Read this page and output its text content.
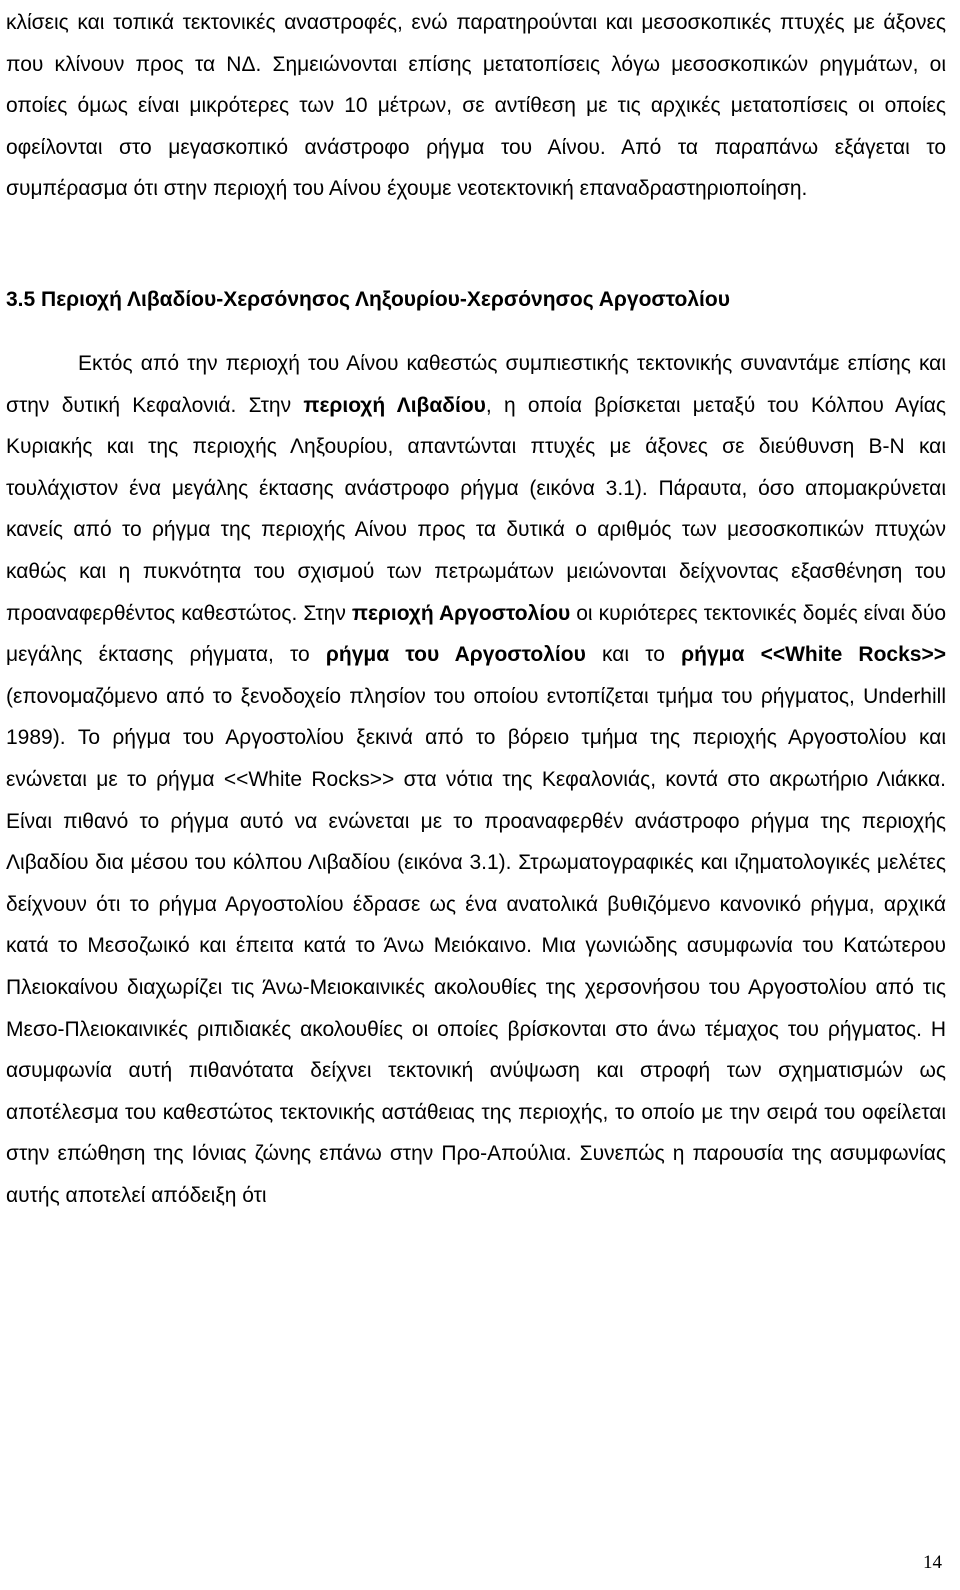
κλίσεις και τοπικά τεκτονικές αναστροφές, ενώ παρατηρούνται και μεσοσκοπικές πτυχές με άξονες που κλίνουν προς τα ΝΔ. Σημειώνονται επίσης μετατοπίσεις λόγω μεσοσκοπικών ρηγμάτων, οι οποίες όμως είναι μικρότερες των 10 μέτρων, σε αντίθεση με τις αρχικές μετατοπίσεις οι οποίες οφείλονται στο μεγασκοπικό ανάστροφο ρήγμα του Αίνου. Από τα παραπάνω εξάγεται το συμπέρασμα ότι στην περιοχή του Αίνου έχουμε νεοτεκτονική επαναδραστηριοποίηση.

3.5 Περιοχή Λιβαδίου-Χερσόνησος Ληξουρίου-Χερσόνησος Αργοστολίου

Εκτός από την περιοχή του Αίνου καθεστώς συμπιεστικής τεκτονικής συναντάμε επίσης και στην δυτική Κεφαλονιά. Στην περιοχή Λιβαδίου, η οποία βρίσκεται μεταξύ του Κόλπου Αγίας Κυριακής και της περιοχής Ληξουρίου, απαντώνται πτυχές με άξονες σε διεύθυνση Β-Ν και τουλάχιστον ένα μεγάλης έκτασης ανάστροφο ρήγμα (εικόνα 3.1). Πάραυτα, όσο απομακρύνεται κανείς από το ρήγμα της περιοχής Αίνου προς τα δυτικά ο αριθμός των μεσοσκοπικών πτυχών καθώς και η πυκνότητα του σχισμού των πετρωμάτων μειώνονται δείχνοντας εξασθένηση του προαναφερθέντος καθεστώτος. Στην περιοχή Αργοστολίου οι κυριότερες τεκτονικές δομές είναι δύο μεγάλης έκτασης ρήγματα, το ρήγμα του Αργοστολίου και το ρήγμα <<White Rocks>> (επονομαζόμενο από το ξενοδοχείο πλησίον του οποίου εντοπίζεται τμήμα του ρήγματος, Underhill 1989). Το ρήγμα του Αργοστολίου ξεκινά από το βόρειο τμήμα της περιοχής Αργοστολίου και ενώνεται με το ρήγμα <<White Rocks>> στα νότια της Κεφαλονιάς, κοντά στο ακρωτήριο Λιάκκα. Είναι πιθανό το ρήγμα αυτό να ενώνεται με το προαναφερθέν ανάστροφο ρήγμα της περιοχής Λιβαδίου δια μέσου του κόλπου Λιβαδίου (εικόνα 3.1). Στρωματογραφικές και ιζηματολογικές μελέτες δείχνουν ότι το ρήγμα Αργοστολίου έδρασε ως ένα ανατολικά βυθιζόμενο κανονικό ρήγμα, αρχικά κατά το Μεσοζωικό και έπειτα κατά το Άνω Μειόκαινο. Μια γωνιώδης ασυμφωνία του Κατώτερου Πλειοκαίνου διαχωρίζει τις Άνω-Μειοκαινικές ακολουθίες της χερσονήσου του Αργοστολίου από τις Μεσο-Πλειοκαινικές ριπιδιακές ακολουθίες οι οποίες βρίσκονται στο άνω τέμαχος του ρήγματος. Η ασυμφωνία αυτή πιθανότατα δείχνει τεκτονική ανύψωση και στροφή των σχηματισμών ως αποτέλεσμα του καθεστώτος τεκτονικής αστάθειας της περιοχής, το οποίο με την σειρά του οφείλεται στην επώθηση της Ιόνιας ζώνης επάνω στην Προ-Απούλια. Συνεπώς η παρουσία της ασυμφωνίας αυτής αποτελεί απόδειξη ότι

14
